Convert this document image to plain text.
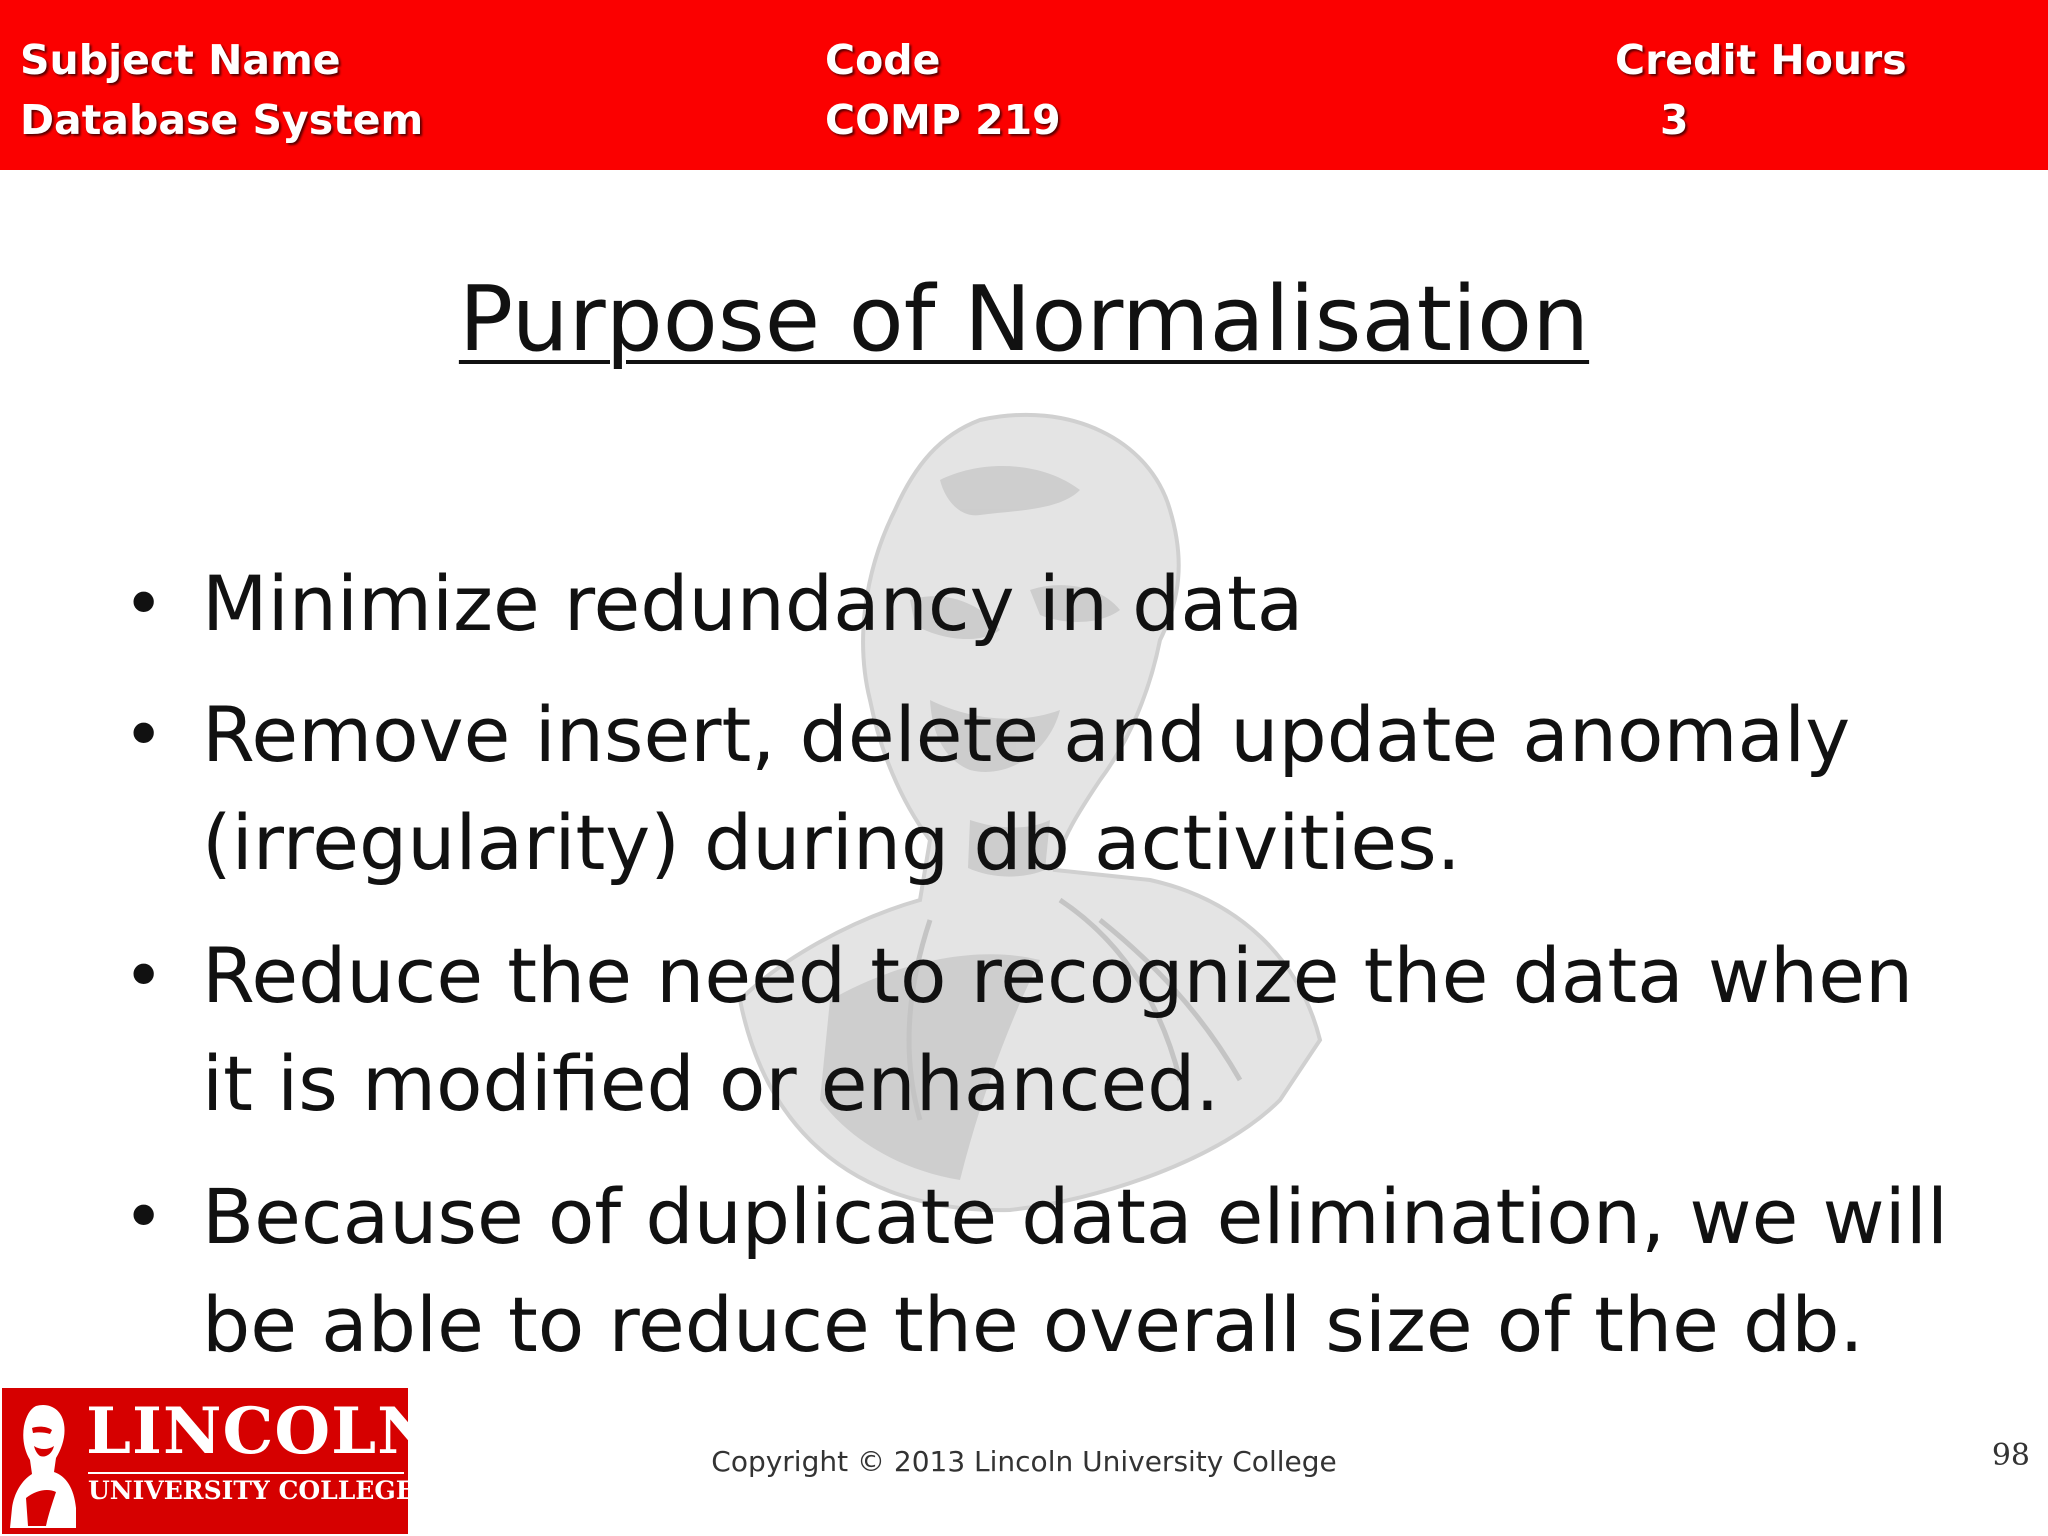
Subject Name
Database System
Code
COMP 219
Credit Hours
3
Purpose of Normalisation
• Minimize redundancy in data
• Remove insert, delete and update anomaly
(irregularity) during db activities.
• Reduce the need to recognize the data when
it is modified or enhanced.
• Because of duplicate data elimination, we will
be able to reduce the overall size of the db.
LINCOLN
UNIVERSITY COLLEGE
Copyright © 2013 Lincoln University College	98
